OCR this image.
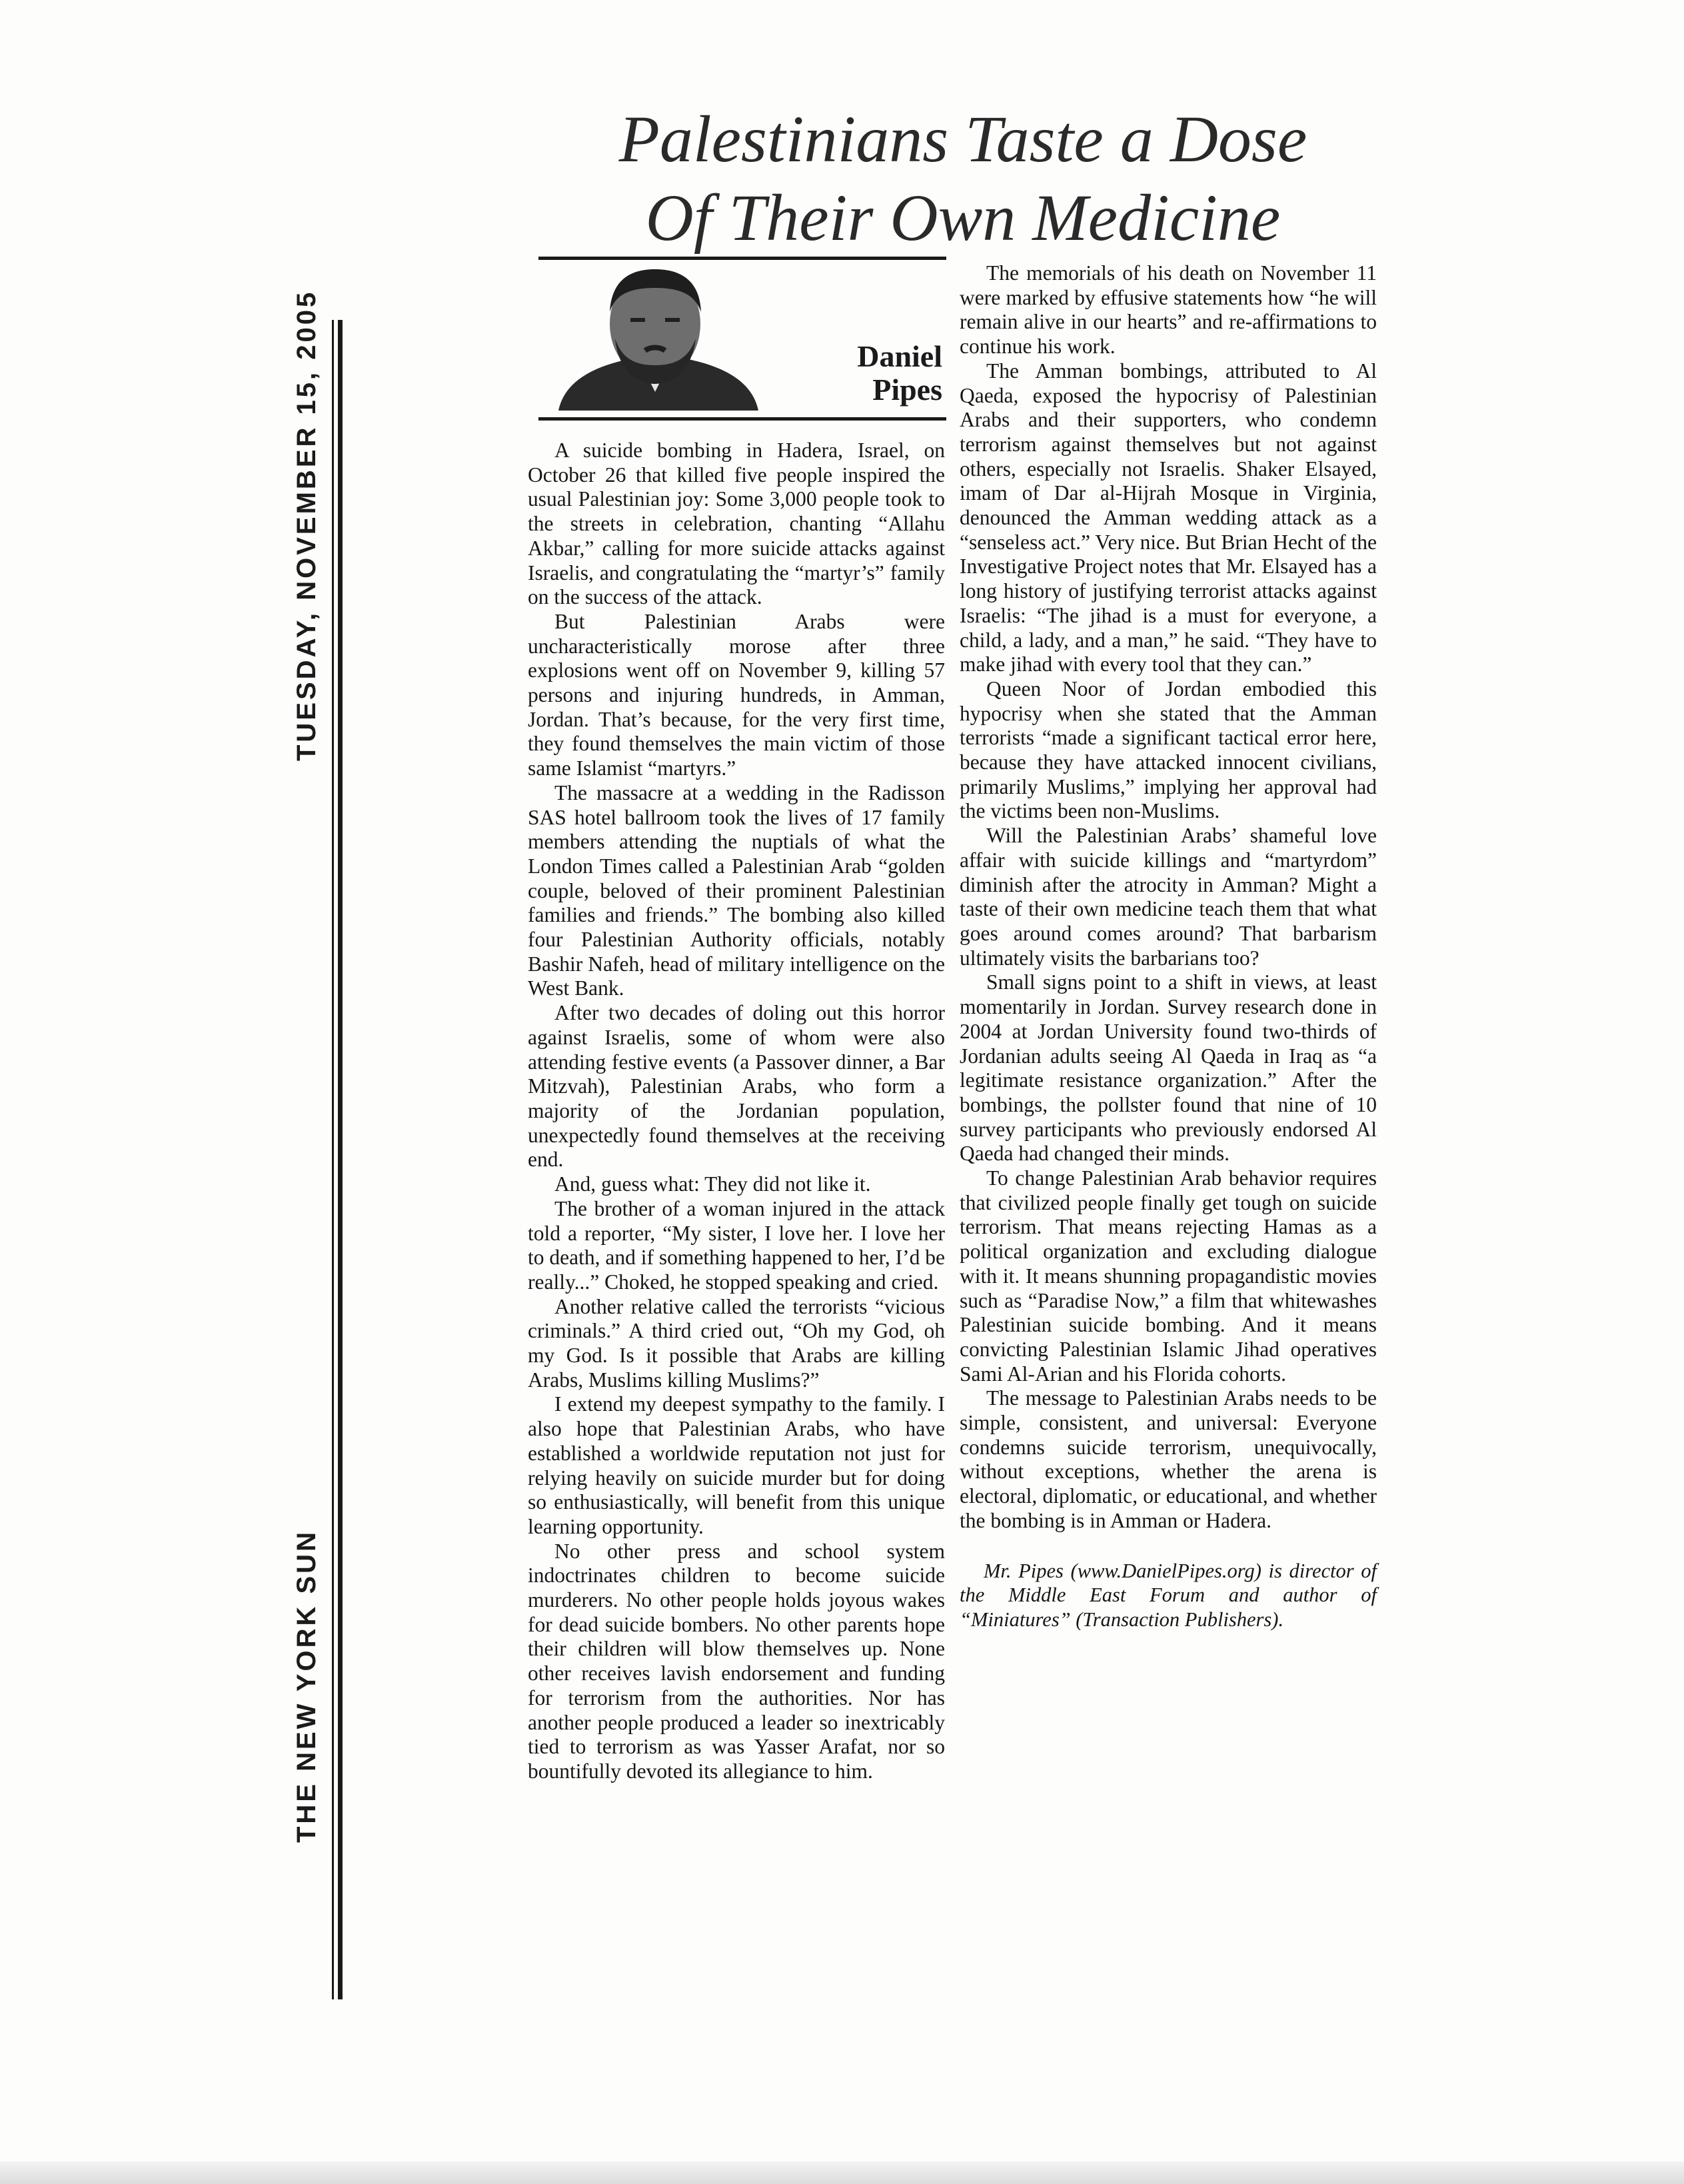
TUESDAY, NOVEMBER 15, 2005
THE NEW YORK SUN
Palestinians Taste a Dose
Of Their Own Medicine
Daniel
Pipes

A suicide bombing in Hadera, Israel, on October 26 that killed five people inspired the usual Palestinian joy: Some 3,000 people took to the streets in celebration, chanting “Allahu Akbar,” calling for more suicide attacks against Israelis, and congratulating the “martyr’s” family on the success of the attack.

But Palestinian Arabs were uncharacteristically morose after three explosions went off on November 9, killing 57 persons and injuring hundreds, in Amman, Jordan. That’s because, for the very first time, they found themselves the main victim of those same Islamist “martyrs.”

The massacre at a wedding in the Radisson SAS hotel ballroom took the lives of 17 family members attending the nuptials of what the London Times called a Palestinian Arab “golden couple, beloved of their prominent Palestinian families and friends.” The bombing also killed four Palestinian Authority officials, notably Bashir Nafeh, head of military intelligence on the West Bank.

After two decades of doling out this horror against Israelis, some of whom were also attending festive events (a Passover dinner, a Bar Mitzvah), Palestinian Arabs, who form a majority of the Jordanian population, unexpectedly found themselves at the receiving end.

And, guess what: They did not like it.

The brother of a woman injured in the attack told a reporter, “My sister, I love her. I love her to death, and if something happened to her, I’d be really...” Choked, he stopped speaking and cried.

Another relative called the terrorists “vicious criminals.” A third cried out, “Oh my God, oh my God. Is it possible that Arabs are killing Arabs, Muslims killing Muslims?”

I extend my deepest sympathy to the family. I also hope that Palestinian Arabs, who have established a worldwide reputation not just for relying heavily on suicide murder but for doing so enthusiastically, will benefit from this unique learning opportunity.

No other press and school system indoctrinates children to become suicide murderers. No other people holds joyous wakes for dead suicide bombers. No other parents hope their children will blow themselves up. None other receives lavish endorsement and funding for terrorism from the authorities. Nor has another people produced a leader so inextricably tied to terrorism as was Yasser Arafat, nor so bountifully devoted its allegiance to him.

The memorials of his death on November 11 were marked by effusive statements how “he will remain alive in our hearts” and re-affirmations to continue his work.

The Amman bombings, attributed to Al Qaeda, exposed the hypocrisy of Palestinian Arabs and their supporters, who condemn terrorism against themselves but not against others, especially not Israelis. Shaker Elsayed, imam of Dar al-Hijrah Mosque in Virginia, denounced the Amman wedding attack as a “senseless act.” Very nice. But Brian Hecht of the Investigative Project notes that Mr. Elsayed has a long history of justifying terrorist attacks against Israelis: “The jihad is a must for everyone, a child, a lady, and a man,” he said. “They have to make jihad with every tool that they can.”

Queen Noor of Jordan embodied this hypocrisy when she stated that the Amman terrorists “made a significant tactical error here, because they have attacked innocent civilians, primarily Muslims,” implying her approval had the victims been non-Muslims.

Will the Palestinian Arabs’ shameful love affair with suicide killings and “martyrdom” diminish after the atrocity in Amman? Might a taste of their own medicine teach them that what goes around comes around? That barbarism ultimately visits the barbarians too?

Small signs point to a shift in views, at least momentarily in Jordan. Survey research done in 2004 at Jordan University found two-thirds of Jordanian adults seeing Al Qaeda in Iraq as “a legitimate resistance organization.” After the bombings, the pollster found that nine of 10 survey participants who previously endorsed Al Qaeda had changed their minds.

To change Palestinian Arab behavior requires that civilized people finally get tough on suicide terrorism. That means rejecting Hamas as a political organization and excluding dialogue with it. It means shunning propagandistic movies such as “Paradise Now,” a film that whitewashes Palestinian suicide bombing. And it means convicting Palestinian Islamic Jihad operatives Sami Al-Arian and his Florida cohorts.

The message to Palestinian Arabs needs to be simple, consistent, and universal: Everyone condemns suicide terrorism, unequivocally, without exceptions, whether the arena is electoral, diplomatic, or educational, and whether the bombing is in Amman or Hadera.

Mr. Pipes (www.DanielPipes.org) is director of the Middle East Forum and author of “Miniatures” (Transaction Publishers).
